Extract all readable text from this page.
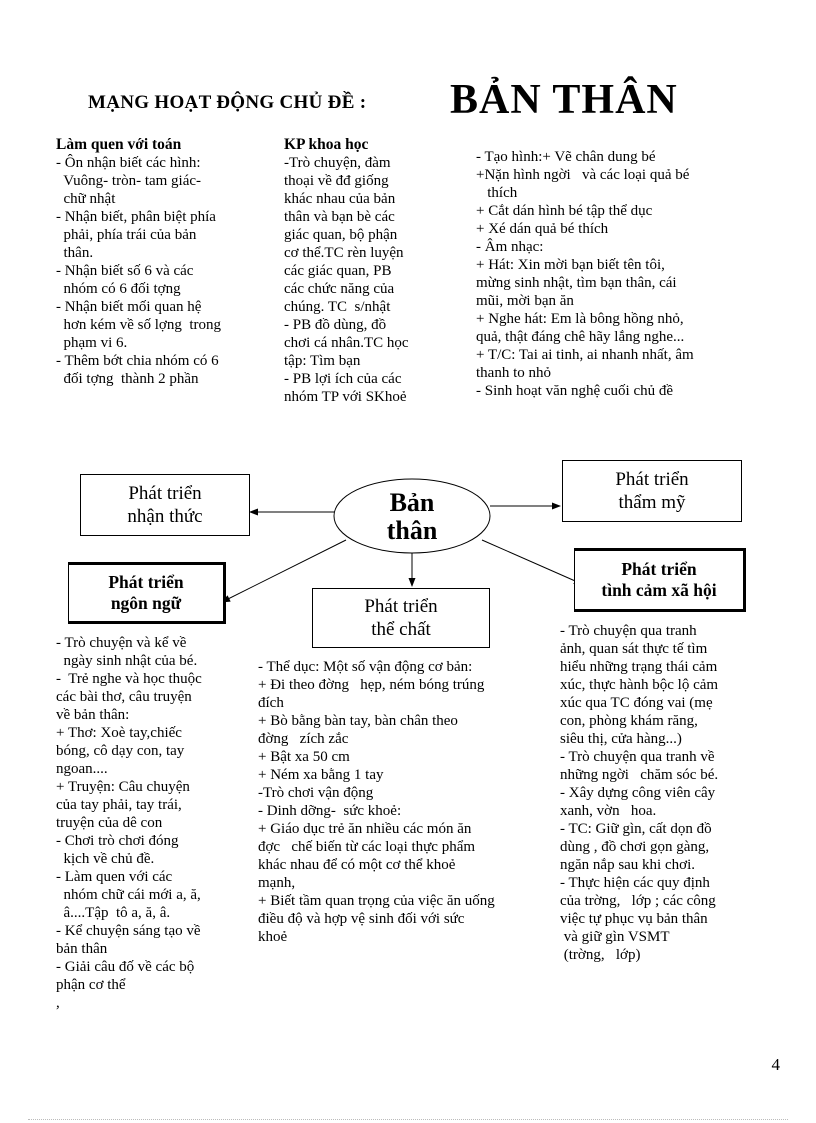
MẠNG HOẠT ĐỘNG CHỦ ĐỀ : BẢN THÂN
Làm quen với toán
- Ôn nhận biết các hình:
Vuông- tròn- tam giác-
chữ nhật
- Nhận biết, phân biệt phía
phải, phía trái của bản
thân.
- Nhận biết số 6 và các
nhóm có 6 đối tợng
- Nhận biết mối quan hệ
hơn kém về số lợng  trong
phạm vi 6.
- Thêm bớt chia nhóm có 6
đối tợng  thành 2 phần
KP khoa học
-Trò chuyện, đàm
thoại về đđ giống
khác nhau của bản
thân và bạn bè các
giác quan, bộ phận
cơ thể.TC rèn luyện
các giác quan, PB
các chức năng của
chúng. TC  s/nhật
- PB đồ dùng, đồ
chơi cá nhân.TC học
tập: Tìm bạn
- PB lợi ích của các
nhóm TP với SKhoẻ
- Tạo hình:+ Vẽ chân dung bé
+Nặn hình ngời   và các loại quả bé
thích
+ Cắt dán hình bé tập thể dục
+ Xé dán quả bé thích
- Âm nhạc:
+ Hát: Xin mời bạn biết tên tôi,
mừng sinh nhật, tìm bạn thân, cái
mũi, mời bạn ăn
+ Nghe hát: Em là bông hồng nhỏ,
quả, thật đáng chê hãy lắng nghe...
+ T/C: Tai ai tinh, ai nhanh nhất, âm
thanh to nhỏ
- Sinh hoạt văn nghệ cuối chủ đề
Bản
thân
Phát triển
nhận thức
Phát triển
thẩm mỹ
Phát triển
ngôn ngữ	Phát triển
thể chất
Phát triển
tình cảm xã hội
- Trò chuyện và kể về
ngày sinh nhật của bé.
-  Trẻ nghe và học thuộc
các bài thơ, câu truyện
về bản thân:
+ Thơ: Xoè tay,chiếc
bóng, cô dạy con, tay
ngoan....
+ Truyện: Câu chuyện
của tay phải, tay trái,
truyện của dê con
- Chơi trò chơi đóng
kịch về chủ đề.
- Làm quen với các
nhóm chữ cái mới a, ă,
â....Tập  tô a, ă, â.
- Kể chuyện sáng tạo về
bản thân
- Giải câu đố về các bộ
phận cơ thể
,
- Thể dục: Một số vận động cơ bản:
+ Đi theo đờng   hẹp, ném bóng trúng
đích
+ Bò bằng bàn tay, bàn chân theo
đờng   zích zắc
+ Bật xa 50 cm
+ Ném xa bằng 1 tay
-Trò chơi vận động
- Dinh dỡng-  sức khoẻ:
+ Giáo dục trẻ ăn nhiều các món ăn
đợc   chế biến từ các loại thực phẩm
khác nhau để có một cơ thể khoẻ
mạnh,
+ Biết tầm quan trọng của việc ăn uống
điều độ và hợp vệ sinh đối với sức
khoẻ
- Trò chuyện qua tranh
ảnh, quan sát thực tế tìm
hiểu những trạng thái cảm
xúc, thực hành bộc lộ cảm
xúc qua TC đóng vai (mẹ
con, phòng khám răng,
siêu thị, cửa hàng...)
- Trò chuyện qua tranh về
những ngời   chăm sóc bé.
- Xây dựng công viên cây
xanh, vờn   hoa.
- TC: Giữ gìn, cất dọn đồ
dùng , đồ chơi gọn gàng,
ngăn nắp sau khi chơi.
- Thực hiện các quy định
của trờng,   lớp ; các công
việc tự phục vụ bản thân
và giữ gìn VSMT
(trờng,   lớp)
4
